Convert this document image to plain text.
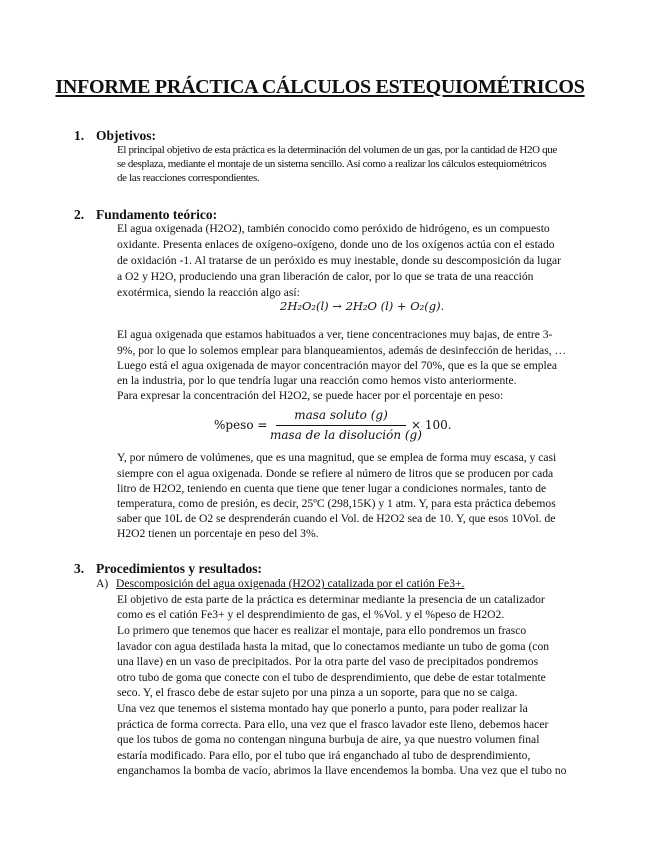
INFORME PRÁCTICA CÁLCULOS ESTEQUIOMÉTRICOS
1. Objetivos:
El principal objetivo de esta práctica es la determinación del volumen de un gas, por la cantidad de H2O que
se desplaza, mediante el montaje de un sistema sencillo. Así como a realizar los cálculos estequiométricos
de las reacciones correspondientes.
2. Fundamento teórico:
El agua oxigenada (H2O2), también conocido como peróxido de hidrógeno, es un compuesto
oxidante. Presenta enlaces de oxígeno-oxígeno, donde uno de los oxígenos actúa con el estado
de oxidación -1. Al tratarse de un peróxido es muy inestable, donde su descomposición da lugar
a O2 y H2O, produciendo una gran liberación de calor, por lo que se trata de una reacción
exotérmica, siendo la reacción algo así:
2H₂O₂(l) → 2H₂O (l) + O₂(g).
El agua oxigenada que estamos habituados a ver, tiene concentraciones muy bajas, de entre 3-
9%, por lo que lo solemos emplear para blanqueamientos, además de desinfección de heridas, …
Luego está el agua oxigenada de mayor concentración mayor del 70%, que es la que se emplea
en la industria, por lo que tendría lugar una reacción como hemos visto anteriormente.
Para expresar la concentración del H2O2, se puede hacer por el porcentaje en peso:
%peso =
masa soluto (g)
masa de la disolución (g)
× 100.
Y, por número de volúmenes, que es una magnitud, que se emplea de forma muy escasa, y casi
siempre con el agua oxigenada. Donde se refiere al número de litros que se producen por cada
litro de H2O2, teniendo en cuenta que tiene que tener lugar a condiciones normales, tanto de
temperatura, como de presión, es decir, 25ºC (298,15K) y 1 atm. Y, para esta práctica debemos
saber que 10L de O2 se desprenderán cuando el Vol. de H2O2 sea de 10. Y, que esos 10Vol. de
H2O2 tienen un porcentaje en peso del 3%.
3. Procedimientos y resultados:
A) Descomposición del agua oxigenada (H2O2) catalizada por el catión Fe3+.
El objetivo de esta parte de la práctica es determinar mediante la presencia de un catalizador
como es el catión Fe3+ y el desprendimiento de gas, el %Vol. y el %peso de H2O2.
Lo primero que tenemos que hacer es realizar el montaje, para ello pondremos un frasco
lavador con agua destilada hasta la mitad, que lo conectamos mediante un tubo de goma (con
una llave) en un vaso de precipitados. Por la otra parte del vaso de precipitados pondremos
otro tubo de goma que conecte con el tubo de desprendimiento, que debe de estar totalmente
seco. Y, el frasco debe de estar sujeto por una pinza a un soporte, para que no se caiga.
Una vez que tenemos el sistema montado hay que ponerlo a punto, para poder realizar la
práctica de forma correcta. Para ello, una vez que el frasco lavador este lleno, debemos hacer
que los tubos de goma no contengan ninguna burbuja de aire, ya que nuestro volumen final
estaría modificado. Para ello, por el tubo que irá enganchado al tubo de desprendimiento,
enganchamos la bomba de vacío, abrimos la llave encendemos la bomba. Una vez que el tubo no
